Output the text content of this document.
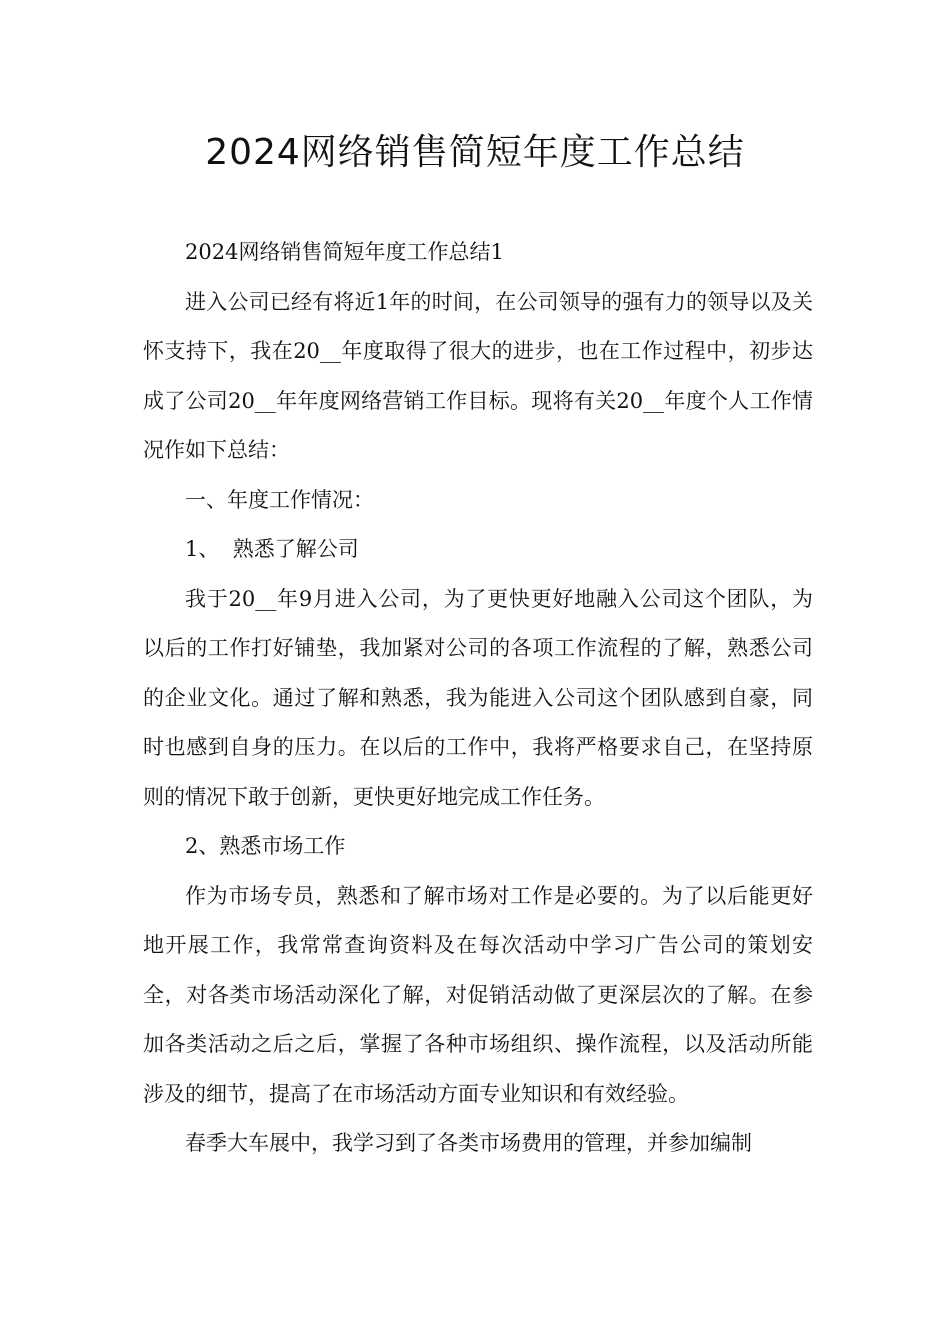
2024网络销售简短年度工作总结

2024网络销售简短年度工作总结1

进入公司已经有将近1年的时间，在公司领导的强有力的领导以及关怀支持下，我在20__年度取得了很大的进步，也在工作过程中，初步达成了公司20__年年度网络营销工作目标。现将有关20__年度个人工作情况作如下总结：

一、年度工作情况：

1、  熟悉了解公司

我于20__年9月进入公司，为了更快更好地融入公司这个团队，为以后的工作打好铺垫，我加紧对公司的各项工作流程的了解，熟悉公司的企业文化。通过了解和熟悉，我为能进入公司这个团队感到自豪，同时也感到自身的压力。在以后的工作中，我将严格要求自己，在坚持原则的情况下敢于创新，更快更好地完成工作任务。

2、熟悉市场工作

作为市场专员，熟悉和了解市场对工作是必要的。为了以后能更好地开展工作，我常常查询资料及在每次活动中学习广告公司的策划安全，对各类市场活动深化了解，对促销活动做了更深层次的了解。在参加各类活动之后之后，掌握了各种市场组织、操作流程，以及活动所能涉及的细节，提高了在市场活动方面专业知识和有效经验。

春季大车展中，我学习到了各类市场费用的管理，并参加编制
